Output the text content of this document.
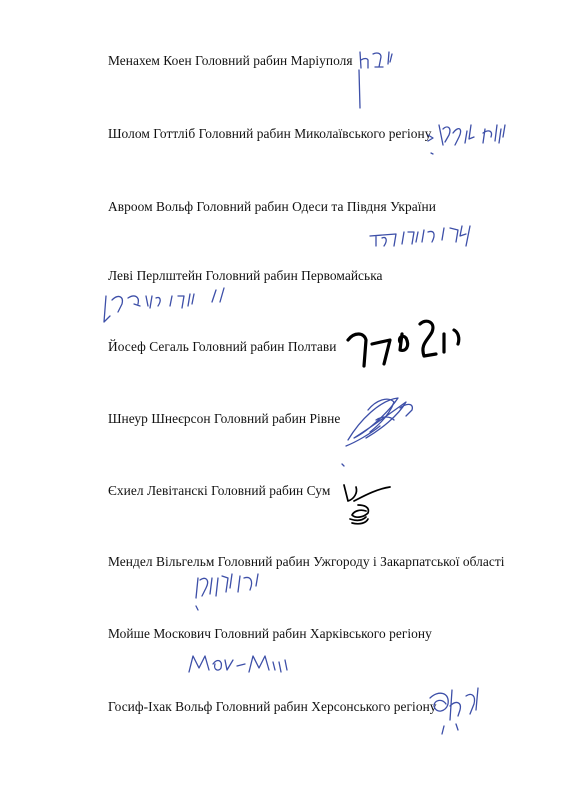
Менахем Коен Головний рабин Маріуполя
Шолом Готтліб Головний рабин Миколаївського регіону
Авроом Вольф Головний рабин Одеси та Півдня України
Леві Перлштейн Головний рабин Первомайська
Йосеф Сегаль Головний рабин Полтави
Шнеур Шнеєрсон Головний рабин Рівне
Єхиел Левітанскі Головний рабин Сум
Мендел Вільгельм Головний рабин Ужгороду і Закарпатської області
Мойше Москович Головний рабин Харківського регіону
Госиф-Іхак Вольф Головний рабин Херсонського регіону
